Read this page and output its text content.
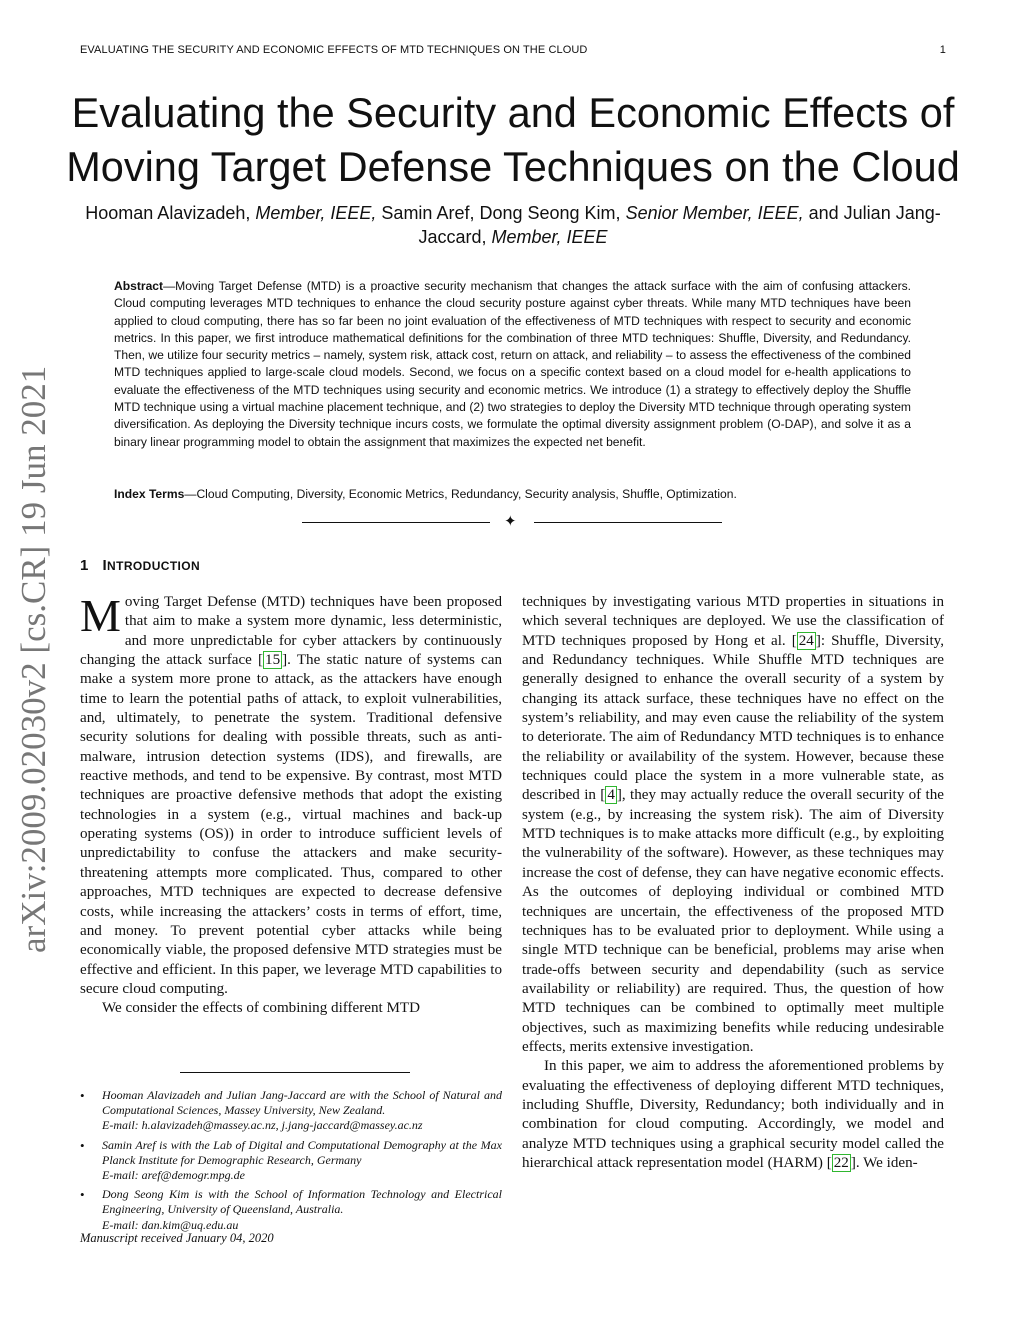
EVALUATING THE SECURITY AND ECONOMIC EFFECTS OF MTD TECHNIQUES ON THE CLOUD	1
arXiv:2009.02030v2 [cs.CR] 19 Jun 2021
Evaluating the Security and Economic Effects of
Moving Target Defense Techniques on the Cloud
Hooman Alavizadeh, Member, IEEE, Samin Aref, Dong Seong Kim, Senior Member, IEEE, and Julian Jang-Jaccard, Member, IEEE
Abstract—Moving Target Defense (MTD) is a proactive security mechanism that changes the attack surface with the aim of confusing attackers. Cloud computing leverages MTD techniques to enhance the cloud security posture against cyber threats. While many MTD techniques have been applied to cloud computing, there has so far been no joint evaluation of the effectiveness of MTD techniques with respect to security and economic metrics. In this paper, we first introduce mathematical definitions for the combination of three MTD techniques: Shuffle, Diversity, and Redundancy. Then, we utilize four security metrics – namely, system risk, attack cost, return on attack, and reliability – to assess the effectiveness of the combined MTD techniques applied to large-scale cloud models. Second, we focus on a specific context based on a cloud model for e-health applications to evaluate the effectiveness of the MTD techniques using security and economic metrics. We introduce (1) a strategy to effectively deploy the Shuffle MTD technique using a virtual machine placement technique, and (2) two strategies to deploy the Diversity MTD technique through operating system diversification. As deploying the Diversity technique incurs costs, we formulate the optimal diversity assignment problem (O-DAP), and solve it as a binary linear programming model to obtain the assignment that maximizes the expected net benefit.
Index Terms—Cloud Computing, Diversity, Economic Metrics, Redundancy, Security analysis, Shuffle, Optimization.
✦
1 INTRODUCTION

Moving Target Defense (MTD) techniques have been proposed that aim to make a system more dynamic, less deterministic, and more unpredictable for cyber attackers by continuously changing the attack surface [ 15 ]. The static nature of systems can make a system more prone to attack, as the attackers have enough time to learn the potential paths of attack, to exploit vulnerabilities, and, ultimately, to penetrate the system. Traditional defensive security solutions for dealing with possible threats, such as anti-malware, intrusion detection systems (IDS), and firewalls, are reactive methods, and tend to be expensive. By contrast, most MTD techniques are proactive defensive methods that adopt the existing technologies in a system (e.g., virtual machines and back-up operating systems (OS)) in order to introduce sufficient levels of unpredictability to confuse the attackers and make security-threatening attempts more complicated. Thus, compared to other approaches, MTD techniques are expected to decrease defensive costs, while increasing the attackers’ costs in terms of effort, time, and money. To prevent potential cyber attacks while being economically viable, the proposed defensive MTD strategies must be effective and efficient. In this paper, we leverage MTD capabilities to secure cloud computing.

We consider the effects of combining different MTD

techniques by investigating various MTD properties in situations in which several techniques are deployed. We use the classification of MTD techniques proposed by Hong et al. [ 24 ]: Shuffle, Diversity, and Redundancy techniques. While Shuffle MTD techniques are generally designed to enhance the overall security of a system by changing its attack surface, these techniques have no effect on the system’s reliability, and may even cause the reliability of the system to deteriorate. The aim of Redundancy MTD techniques is to enhance the reliability or availability of the system. However, because these techniques could place the system in a more vulnerable state, as described in [ 4 ], they may actually reduce the overall security of the system (e.g., by increasing the system risk). The aim of Diversity MTD techniques is to make attacks more difficult (e.g., by exploiting the vulnerability of the software). However, as these techniques may increase the cost of defense, they can have negative economic effects. As the outcomes of deploying individual or combined MTD techniques are uncertain, the effectiveness of the proposed MTD techniques has to be evaluated prior to deployment. While using a single MTD technique can be beneficial, problems may arise when trade-offs between security and dependability (such as service availability or reliability) are required. Thus, the question of how MTD techniques can be combined to optimally meet multiple objectives, such as maximizing benefits while reducing undesirable effects, merits extensive investigation.

In this paper, we aim to address the aforementioned problems by evaluating the effectiveness of deploying different MTD techniques, including Shuffle, Diversity, Redundancy; both individually and in combination for cloud computing. Accordingly, we model and analyze MTD techniques using a graphical security model called the hierarchical attack representation model (HARM) [ 22 ]. We iden-

• Hooman Alavizadeh and Julian Jang-Jaccard are with the School of Natural and Computational Sciences, Massey University, New Zealand.
E-mail: h.alavizadeh@massey.ac.nz, j.jang-jaccard@massey.ac.nz
• Samin Aref is with the Lab of Digital and Computational Demography at the Max Planck Institute for Demographic Research, Germany
E-mail: aref@demogr.mpg.de
• Dong Seong Kim is with the School of Information Technology and Electrical Engineering, University of Queensland, Australia.
E-mail: dan.kim@uq.edu.au
Manuscript received January 04, 2020
